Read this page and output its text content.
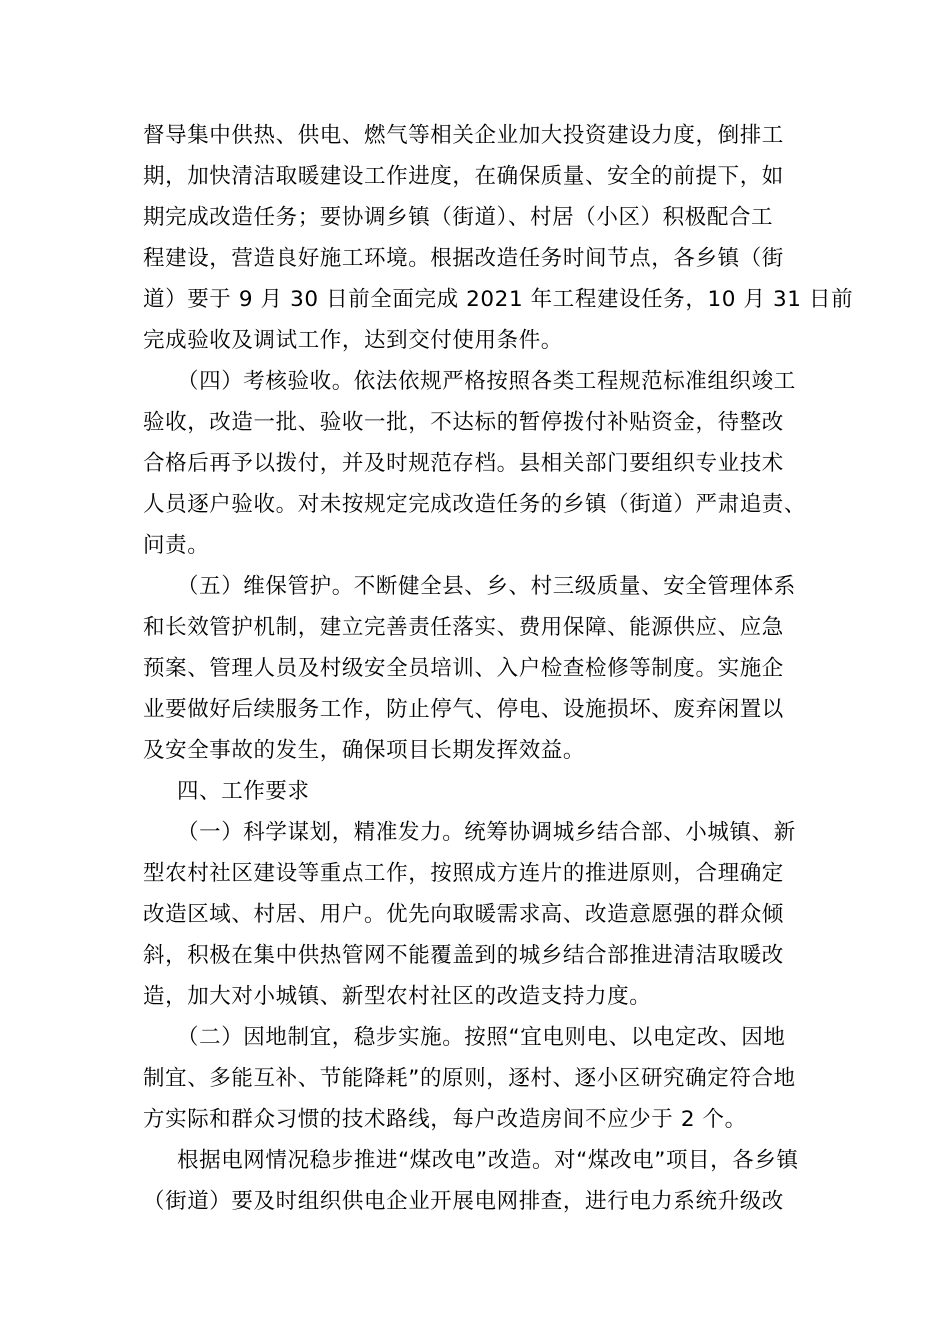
督导集中供热、供电、燃气等相关企业加大投资建设力度，倒排工
期，加快清洁取暖建设工作进度，在确保质量、安全的前提下，如
期完成改造任务；要协调乡镇（街道）、村居（小区）积极配合工
程建设，营造良好施工环境。根据改造任务时间节点，各乡镇（街
道）要于 9 月 30 日前全面完成 2021 年工程建设任务，10 月 31 日前
完成验收及调试工作，达到交付使用条件。
（四）考核验收。依法依规严格按照各类工程规范标准组织竣工
验收，改造一批、验收一批，不达标的暂停拨付补贴资金，待整改
合格后再予以拨付，并及时规范存档。县相关部门要组织专业技术
人员逐户验收。对未按规定完成改造任务的乡镇（街道）严肃追责、
问责。
（五）维保管护。不断健全县、乡、村三级质量、安全管理体系
和长效管护机制，建立完善责任落实、费用保障、能源供应、应急
预案、管理人员及村级安全员培训、入户检查检修等制度。实施企
业要做好后续服务工作，防止停气、停电、设施损坏、废弃闲置以
及安全事故的发生，确保项目长期发挥效益。
四、工作要求
（一）科学谋划，精准发力。统筹协调城乡结合部、小城镇、新
型农村社区建设等重点工作，按照成方连片的推进原则，合理确定
改造区域、村居、用户。优先向取暖需求高、改造意愿强的群众倾
斜，积极在集中供热管网不能覆盖到的城乡结合部推进清洁取暖改
造，加大对小城镇、新型农村社区的改造支持力度。
（二）因地制宜，稳步实施。按照“宜电则电、以电定改、因地
制宜、多能互补、节能降耗”的原则，逐村、逐小区研究确定符合地
方实际和群众习惯的技术路线，每户改造房间不应少于 2 个。
根据电网情况稳步推进“煤改电”改造。对“煤改电”项目，各乡镇
（街道）要及时组织供电企业开展电网排查，进行电力系统升级改
